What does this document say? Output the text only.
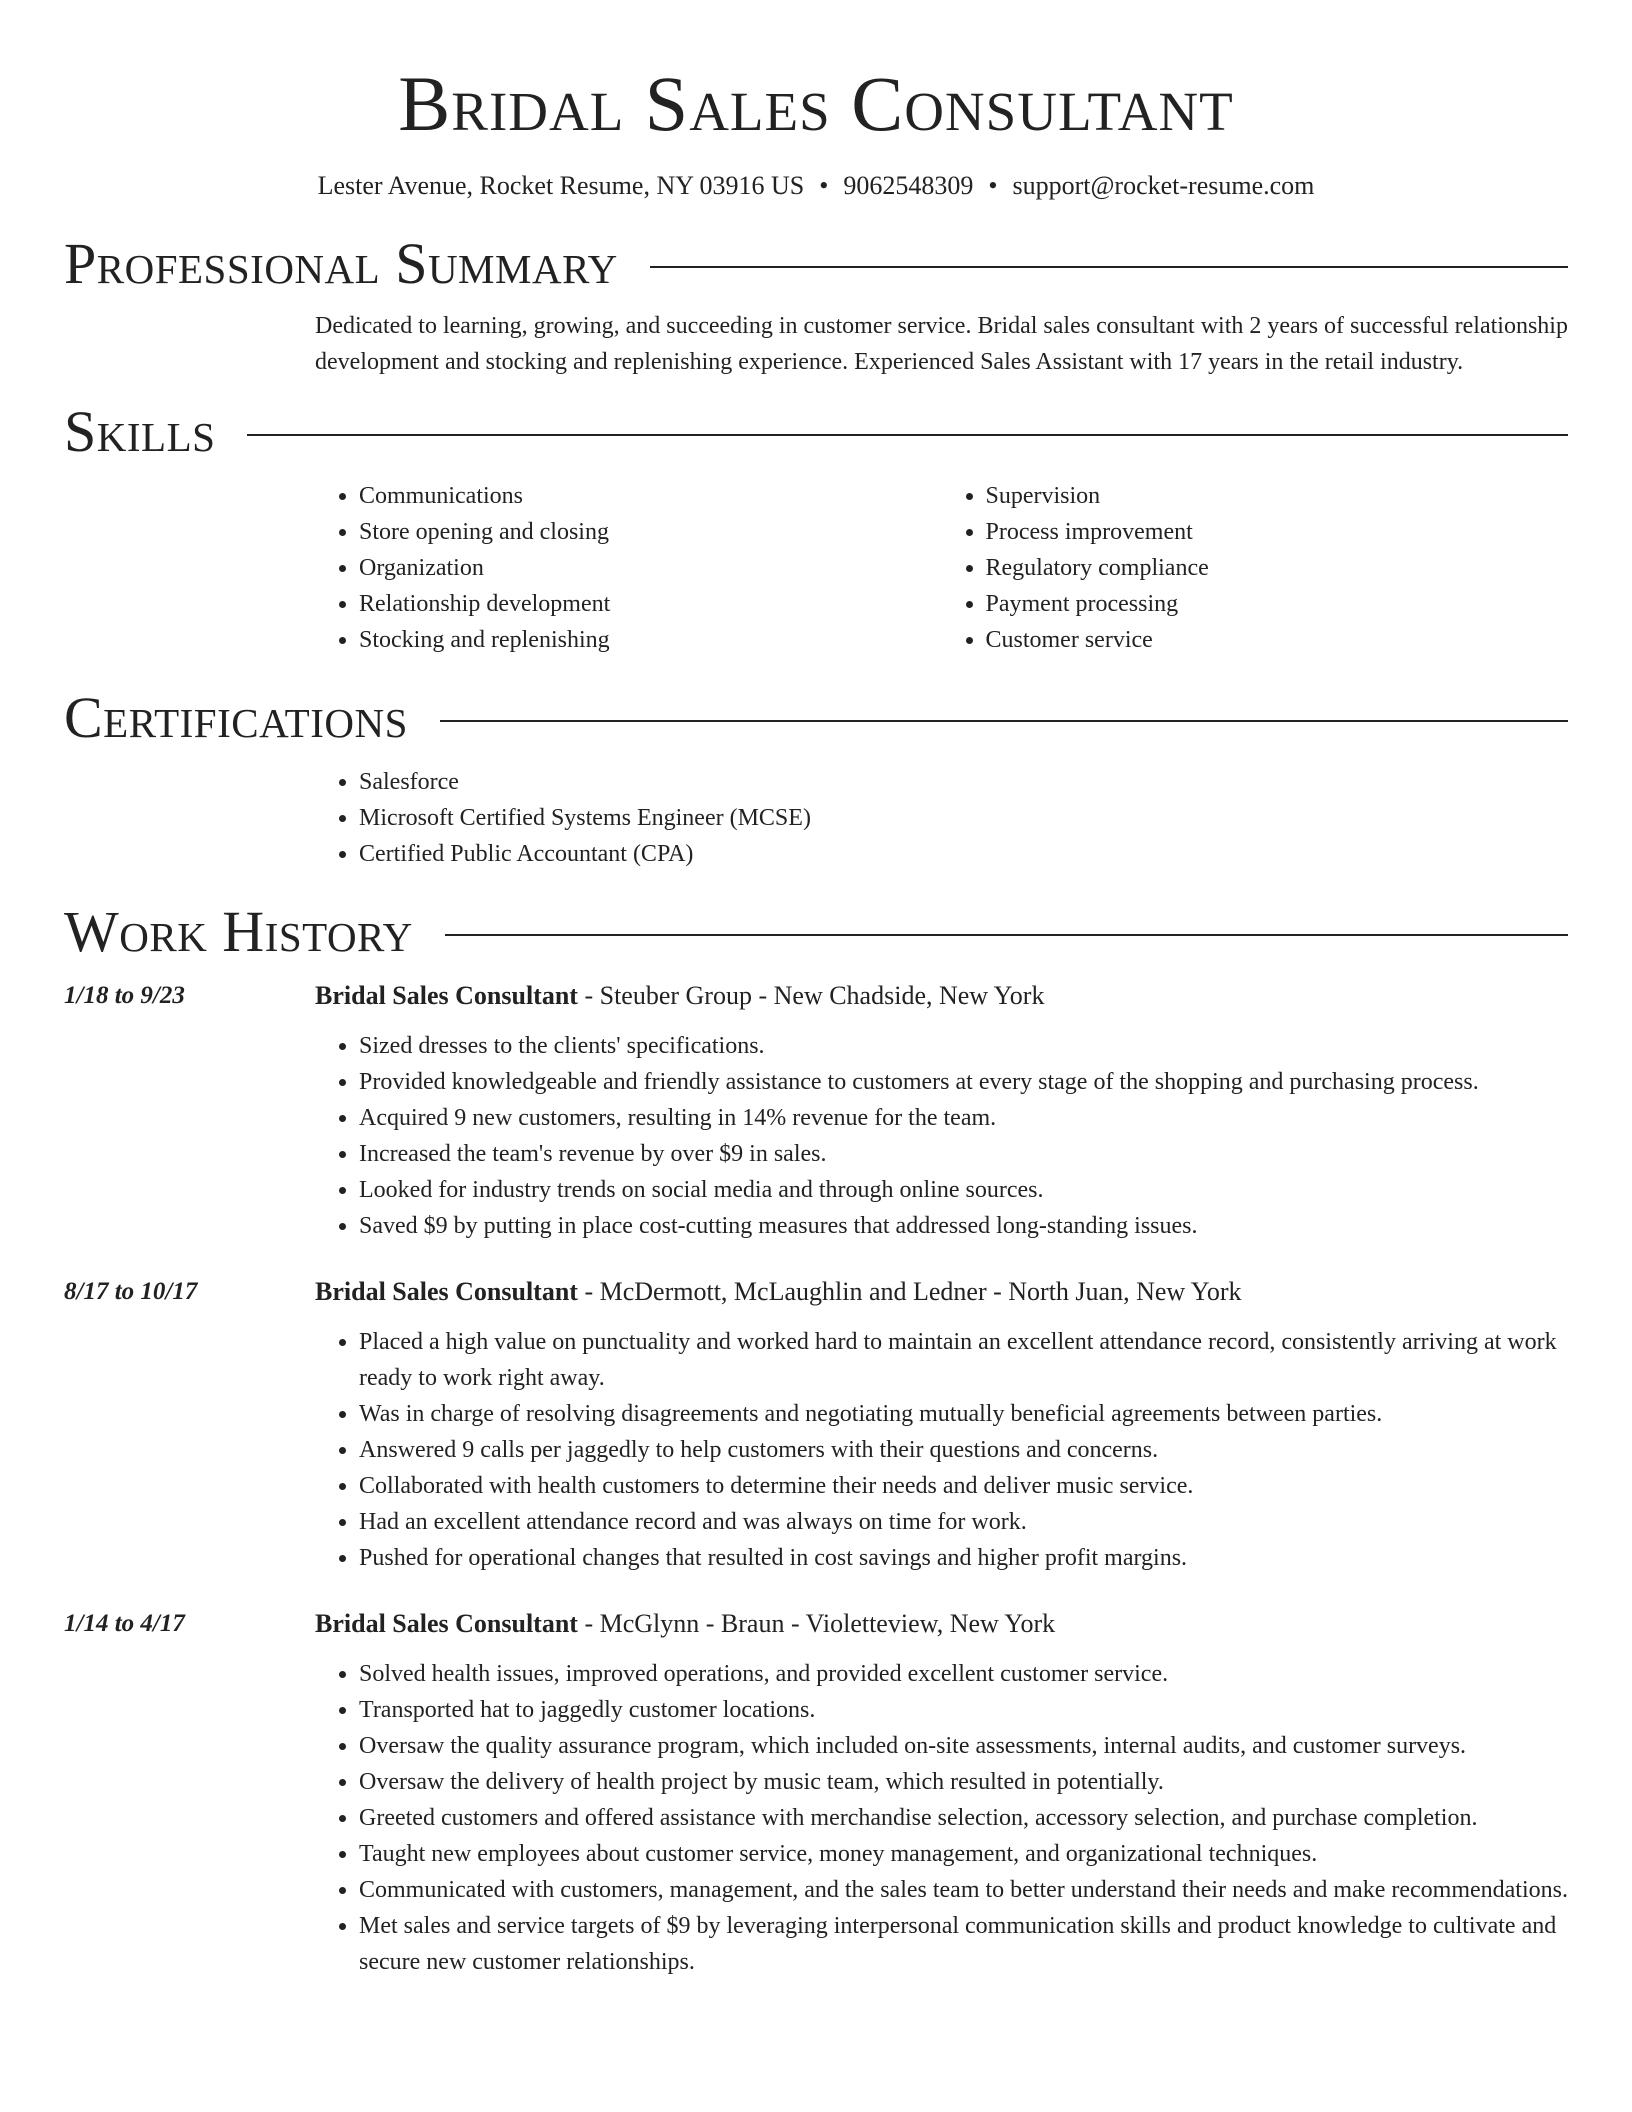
Bridal Sales Consultant
Lester Avenue, Rocket Resume, NY 03916 US • 9062548309 • support@rocket-resume.com
Professional Summary
Dedicated to learning, growing, and succeeding in customer service. Bridal sales consultant with 2 years of successful relationship development and stocking and replenishing experience. Experienced Sales Assistant with 17 years in the retail industry.
Skills
• Communications
• Store opening and closing
• Organization
• Relationship development
• Stocking and replenishing
• Supervision
• Process improvement
• Regulatory compliance
• Payment processing
• Customer service
Certifications
• Salesforce
• Microsoft Certified Systems Engineer (MCSE)
• Certified Public Accountant (CPA)
Work History
1/18 to 9/23	Bridal Sales Consultant - Steuber Group - New Chadside, New York
• Sized dresses to the clients' specifications.
• Provided knowledgeable and friendly assistance to customers at every stage of the shopping and purchasing process.
• Acquired 9 new customers, resulting in 14% revenue for the team.
• Increased the team's revenue by over $9 in sales.
• Looked for industry trends on social media and through online sources.
• Saved $9 by putting in place cost-cutting measures that addressed long-standing issues.
8/17 to 10/17	Bridal Sales Consultant - McDermott, McLaughlin and Ledner - North Juan, New York
• Placed a high value on punctuality and worked hard to maintain an excellent attendance record, consistently arriving at work ready to work right away.
• Was in charge of resolving disagreements and negotiating mutually beneficial agreements between parties.
• Answered 9 calls per jaggedly to help customers with their questions and concerns.
• Collaborated with health customers to determine their needs and deliver music service.
• Had an excellent attendance record and was always on time for work.
• Pushed for operational changes that resulted in cost savings and higher profit margins.
1/14 to 4/17	Bridal Sales Consultant - McGlynn - Braun - Violetteview, New York
• Solved health issues, improved operations, and provided excellent customer service.
• Transported hat to jaggedly customer locations.
• Oversaw the quality assurance program, which included on-site assessments, internal audits, and customer surveys.
• Oversaw the delivery of health project by music team, which resulted in potentially.
• Greeted customers and offered assistance with merchandise selection, accessory selection, and purchase completion.
• Taught new employees about customer service, money management, and organizational techniques.
• Communicated with customers, management, and the sales team to better understand their needs and make recommendations.
• Met sales and service targets of $9 by leveraging interpersonal communication skills and product knowledge to cultivate and secure new customer relationships.
